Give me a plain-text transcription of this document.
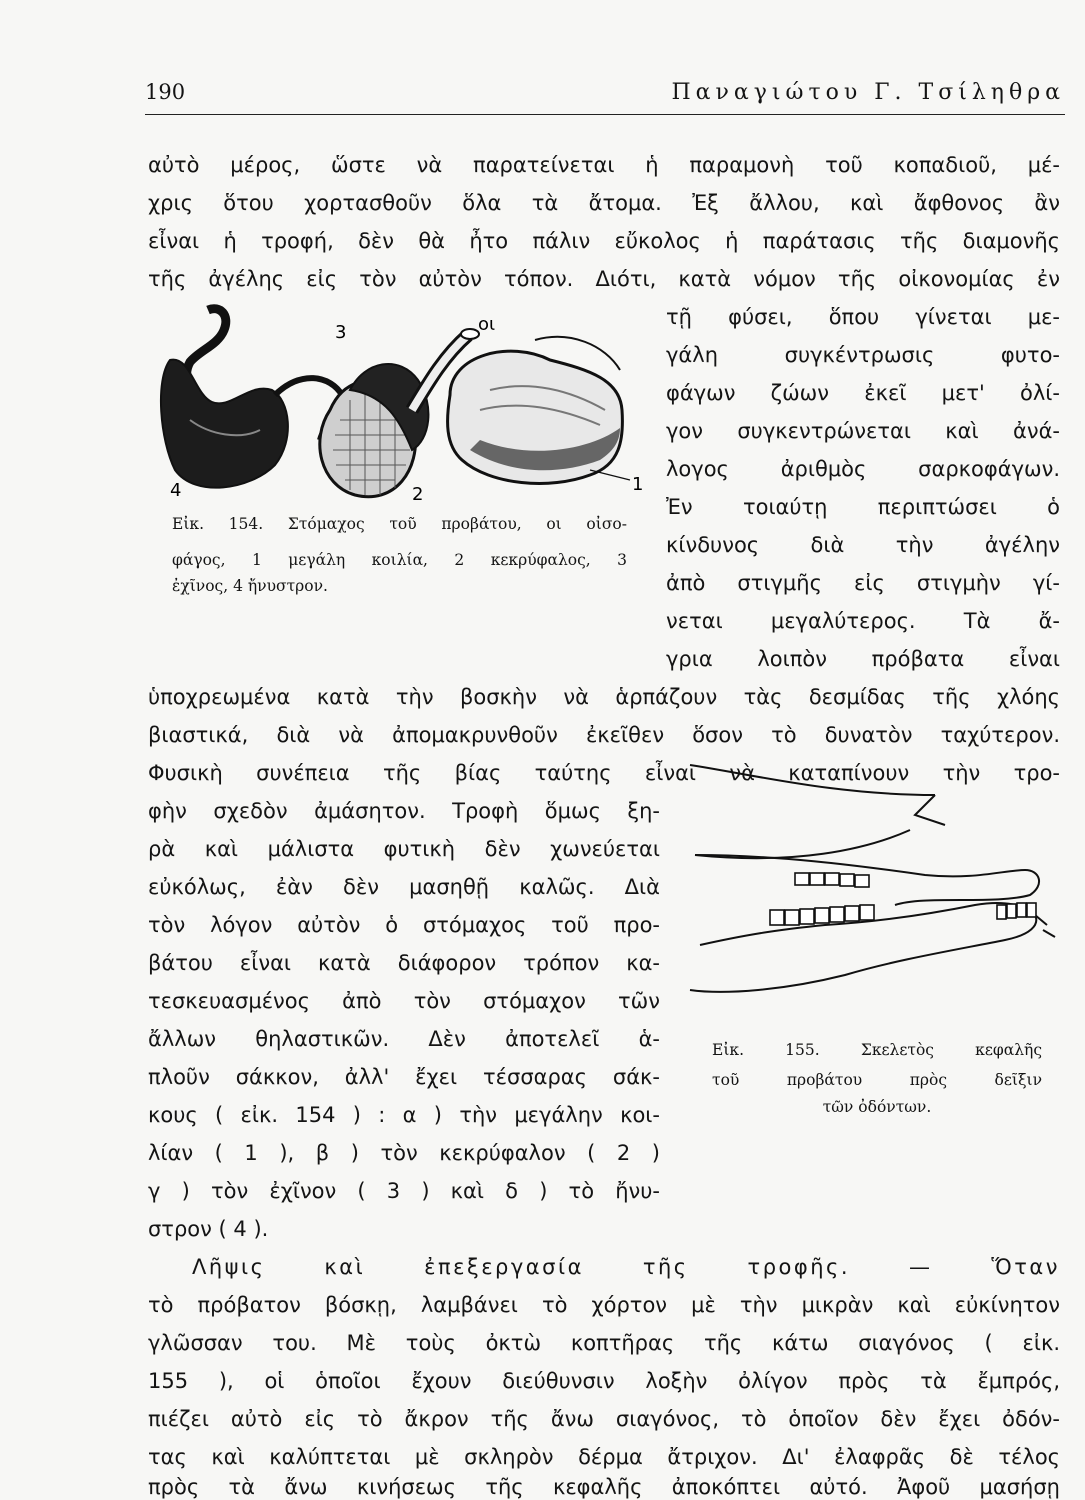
190	Παναγιώτου Γ. Τσίληθρα
αὐτὸ μέρος, ὥστε νὰ παρατείνεται ἡ παραμονὴ τοῦ κοπαδιοῦ, μέ-
χρις ὅτου χορτασθοῦν ὅλα τὰ ἄτομα. Ἐξ ἄλλου, καὶ ἄφθονος ἂν
εἶναι ἡ τροφή, δὲν θὰ ἦτο πάλιν εὔκολος ἡ παράτασις τῆς διαμονῆς
τῆς ἀγέλης εἰς τὸν αὐτὸν τόπον. Διότι, κατὰ νόμον τῆς οἰκονομίας ἐν
τῇ φύσει, ὅπου γίνεται με-
γάλη συγκέντρωσις φυτο-
φάγων ζώων ἐκεῖ μετ' ὀλί-
γον συγκεντρώνεται καὶ ἀνά-
λογος ἀριθμὸς σαρκοφάγων.
Ἐν τοιαύτῃ περιπτώσει ὁ
κίνδυνος διὰ τὴν ἀγέλην
ἀπὸ στιγμῆς εἰς στιγμὴν γί-
νεται μεγαλύτερος. Τὰ ἄ-
γρια λοιπὸν πρόβατα εἶναι
ὑποχρεωμένα κατὰ τὴν βοσκὴν νὰ ἁρπάζουν τὰς δεσμίδας τῆς χλόης
βιαστικά, διὰ νὰ ἀπομακρυνθοῦν ἐκεῖθεν ὅσον τὸ δυνατὸν ταχύτερον.
Φυσικὴ συνέπεια τῆς βίας ταύτης εἶναι νὰ καταπίνουν τὴν τρο-
φὴν σχεδὸν ἀμάσητον. Τροφὴ ὅμως ξη-
ρὰ καὶ μάλιστα φυτικὴ δὲν χωνεύεται
εὐκόλως, ἐὰν δὲν μασηθῇ καλῶς. Διὰ
τὸν λόγον αὐτὸν ὁ στόμαχος τοῦ προ-
βάτου εἶναι κατὰ διάφορον τρόπον κα-
τεσκευασμένος ἀπὸ τὸν στόμαχον τῶν
ἄλλων θηλαστικῶν. Δὲν ἀποτελεῖ ἁ-
πλοῦν σάκκον, ἀλλ' ἔχει τέσσαρας σάκ-
κους ( εἰκ. 154 ) : α ) τὴν μεγάλην κοι-
λίαν ( 1 ), β ) τὸν κεκρύφαλον ( 2 )
γ ) τὸν ἐχῖνον ( 3 ) καὶ δ ) τὸ ἤνυ-
στρον ( 4 ).
Λῆψις καὶ ἐπεξεργασία τῆς τροφῆς. — Ὅταν
τὸ πρόβατον βόσκῃ, λαμβάνει τὸ χόρτον μὲ τὴν μικρὰν καὶ εὐκίνητον
γλῶσσαν του. Μὲ τοὺς ὀκτὼ κοπτῆρας τῆς κάτω σιαγόνος ( εἰκ.
155 ), οἱ ὁποῖοι ἔχουν διεύθυνσιν λοξὴν ὀλίγον πρὸς τὰ ἔμπρός,
πιέζει αὐτὸ εἰς τὸ ἄκρον τῆς ἄνω σιαγόνος, τὸ ὁποῖον δὲν ἔχει ὀδόν-
τας καὶ καλύπτεται μὲ σκληρὸν δέρμα ἄτριχον. Δι' ἐλαφρᾶς δὲ τέλος
πρὸς τὰ ἄνω κινήσεως τῆς κεφαλῆς ἀποκόπτει αὐτό. Ἀφοῦ μασήσῃ
οι
3
1
2
4
Εἰκ. 154. Στόμαχος τοῦ προβάτου, οι οἰσο-
φάγος, 1 μεγάλη κοιλία, 2 κεκρύφαλος, 3
ἐχῖνος, 4 ἤνυστρον.
Εἰκ. 155. Σκελετὸς κεφαλῆς
τοῦ προβάτου πρὸς δεῖξιν
τῶν ὀδόντων.
